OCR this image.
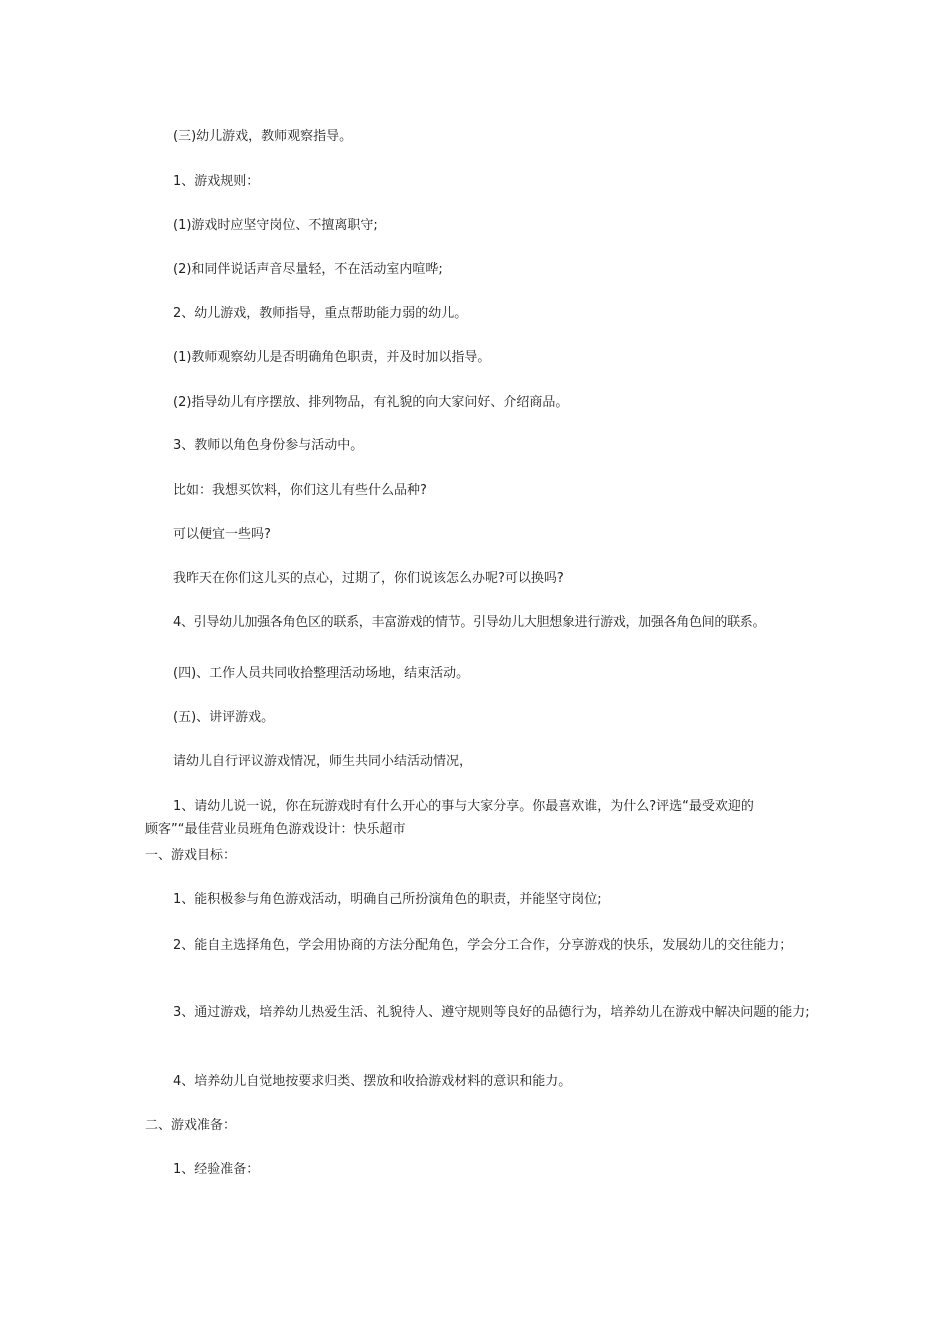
(三)幼儿游戏，教师观察指导。

1、游戏规则：

(1)游戏时应坚守岗位、不擅离职守;

(2)和同伴说话声音尽量轻，不在活动室内喧哗;

2、幼儿游戏，教师指导，重点帮助能力弱的幼儿。

(1)教师观察幼儿是否明确角色职责，并及时加以指导。

(2)指导幼儿有序摆放、排列物品，有礼貌的向大家问好、介绍商品。

3、教师以角色身份参与活动中。

比如：我想买饮料，你们这儿有些什么品种?

可以便宜一些吗?

我昨天在你们这儿买的点心，过期了，你们说该怎么办呢?可以换吗?

4、引导幼儿加强各角色区的联系，丰富游戏的情节。引导幼儿大胆想象进行游戏，加强各角色间的联系。

(四)、工作人员共同收拾整理活动场地，结束活动。

(五)、讲评游戏。

请幼儿自行评议游戏情况，师生共同小结活动情况，

1、请幼儿说一说，你在玩游戏时有什么开心的事与大家分享。你最喜欢谁，为什么?评选“最受欢迎的

顾客”“最佳营业员班角色游戏设计：快乐超市

一、游戏目标：

1、能积极参与角色游戏活动，明确自己所扮演角色的职责，并能坚守岗位;

2、能自主选择角色，学会用协商的方法分配角色，学会分工合作，分享游戏的快乐，发展幼儿的交往能力；

3、通过游戏，培养幼儿热爱生活、礼貌待人、遵守规则等良好的品德行为，培养幼儿在游戏中解决问题的能力;

4、培养幼儿自觉地按要求归类、摆放和收拾游戏材料的意识和能力。

二、游戏准备：

1、经验准备：
